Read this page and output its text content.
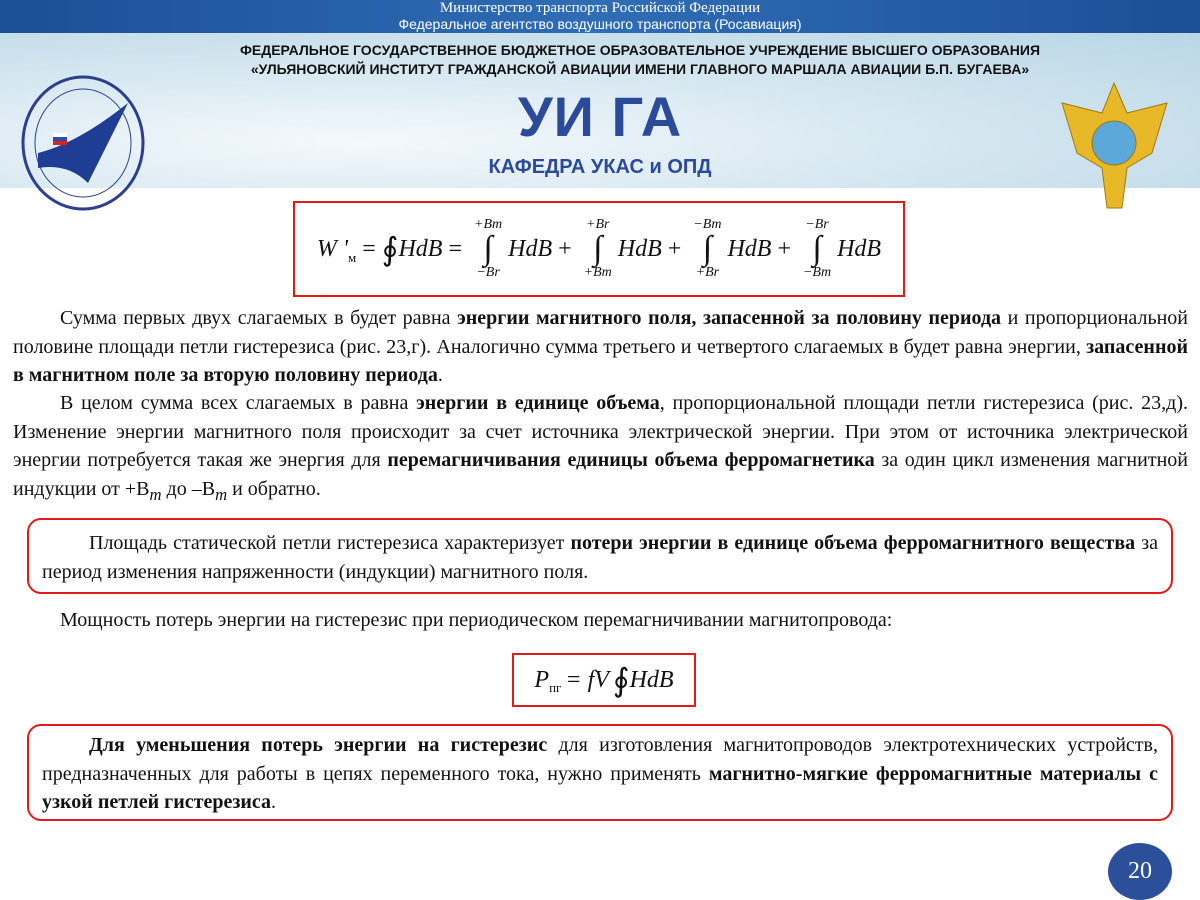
Министерство транспорта Российской Федерации
Федеральное агентство воздушного транспорта (Росавиация)
ФЕДЕРАЛЬНОЕ ГОСУДАРСТВЕННОЕ БЮДЖЕТНОЕ ОБРАЗОВАТЕЛЬНОЕ УЧРЕЖДЕНИЕ ВЫСШЕГО ОБРАЗОВАНИЯ
«УЛЬЯНОВСКИЙ ИНСТИТУТ ГРАЖДАНСКОЙ АВИАЦИИ ИМЕНИ ГЛАВНОГО МАРШАЛА АВИАЦИИ Б.П. БУГАЕВА»
УИ ГА
КАФЕДРА УКАС и ОПД
W '$_м$ = ∮ HdB =
+Bm
∫
−Br
HdB +
+Br
∫
+Bm
HdB +
−Bm
∫
+Br
HdB +
−Br
∫
−Bm
HdB
Сумма первых двух слагаемых в будет равна энергии магнитного поля, запасенной за половину периода и пропорциональной половине площади петли гистерезиса (рис. 23,г). Аналогично сумма третьего и четвертого слагаемых в будет равна энергии, запасенной в магнитном поле за вторую половину периода.
В целом сумма всех слагаемых в равна энергии в единице объема, пропорциональной площади петли гистерезиса (рис. 23,д). Изменение энергии магнитного поля происходит за счет источника электрической энергии. При этом от источника электрической энергии потребуется такая же энергия для перемагничивания единицы объема ферромагнетика за один цикл изменения магнитной индукции от $+B_m$ до $-B_m$ и обратно.
Площадь статической петли гистерезиса характеризует потери энергии в единице объема ферромагнитного вещества за период изменения напряженности (индукции) магнитного поля.
Мощность потерь энергии на гистерезис при периодическом перемагничивании магнитопровода:
$P_{пг}$ = fV ∮ HdB
Для уменьшения потерь энергии на гистерезис для изготовления магнитопроводов электротехнических устройств, предназначенных для работы в цепях переменного тока, нужно применять магнитно-мягкие ферромагнитные материалы с узкой петлей гистерезиса.
20
